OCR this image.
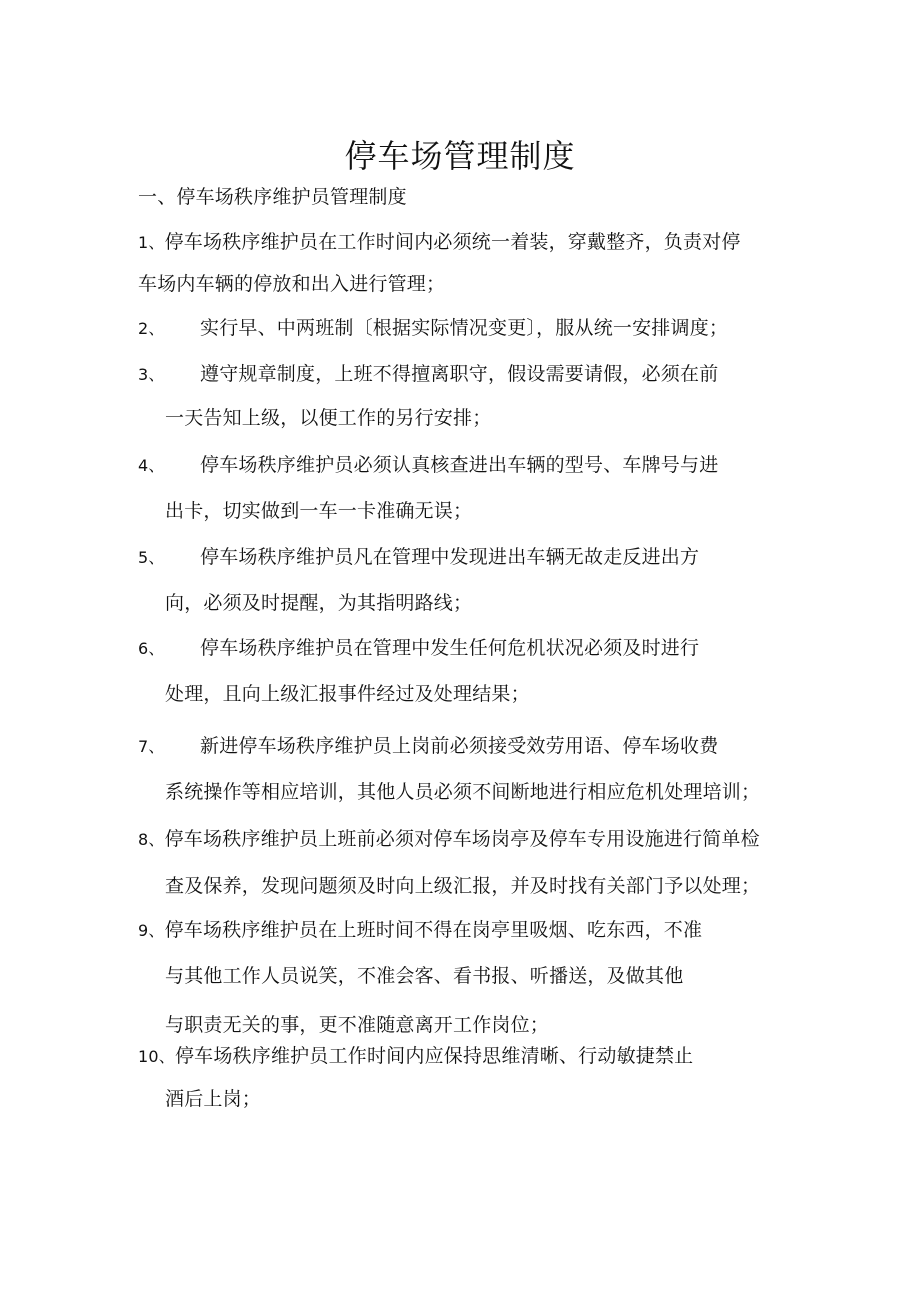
停车场管理制度
一、停车场秩序维护员管理制度
1、停车场秩序维护员在工作时间内必须统一着装，穿戴整齐，负责对停
车场内车辆的停放和出入进行管理；
2、 实行早、中两班制〔根据实际情况变更〕，服从统一安排调度；
3、 遵守规章制度，上班不得擅离职守，假设需要请假，必须在前
一天告知上级，以便工作的另行安排；
4、 停车场秩序维护员必须认真核查进出车辆的型号、车牌号与进
出卡，切实做到一车一卡准确无误；
5、 停车场秩序维护员凡在管理中发现进出车辆无故走反进出方
向，必须及时提醒，为其指明路线；
6、 停车场秩序维护员在管理中发生任何危机状况必须及时进行
处理，且向上级汇报事件经过及处理结果；
7、 新进停车场秩序维护员上岗前必须接受效劳用语、停车场收费
系统操作等相应培训，其他人员必须不间断地进行相应危机处理培训；
8、停车场秩序维护员上班前必须对停车场岗亭及停车专用设施进行简单检
查及保养，发现问题须及时向上级汇报，并及时找有关部门予以处理；
9、停车场秩序维护员在上班时间不得在岗亭里吸烟、吃东西，不准
与其他工作人员说笑，不准会客、看书报、听播送，及做其他
与职责无关的事，更不准随意离开工作岗位；
10、停车场秩序维护员工作时间内应保持思维清晰、行动敏捷禁止
酒后上岗；
